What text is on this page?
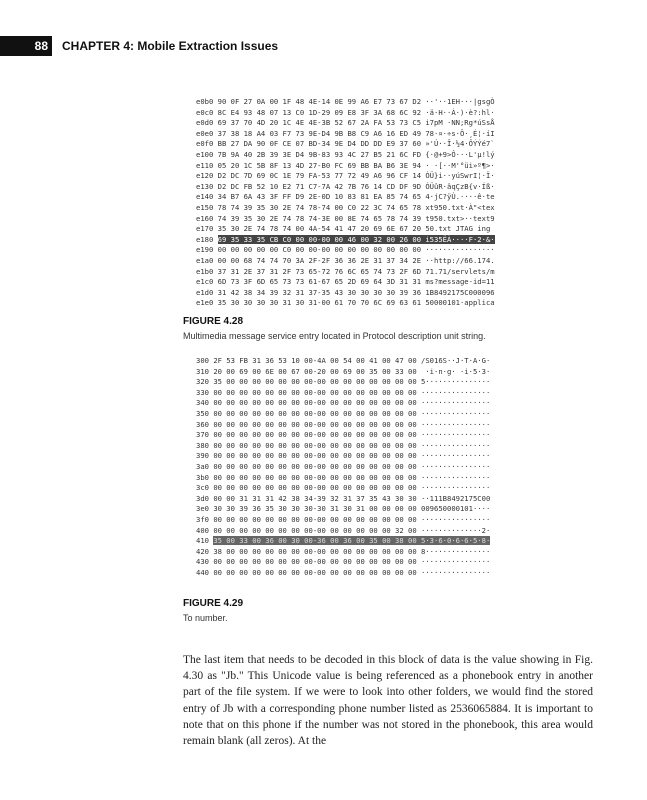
88	CHAPTER 4: Mobile Extraction Issues
e0b0 90 0F 27 0A 00 1F 48 4E-14 0E 99 A6 E7 73 67 D2 ··'··1EH···|gsgÒ
e0c0 8C E4 93 48 07 13 C0 1D-29 09 E8 3F 3A 68 6C 92 ·ä·H··À·)·è?:hl·
e0d0 69 37 70 4D 20 1C 4E 4E-3B 52 67 2A FA 53 73 C5 i7pM ·NN;Rg*úSsÅ
e0e0 37 38 18 A4 03 F7 73 9E-D4 9B B8 C9 A6 16 ED 49 78·¤·÷s·Ô·¸É¦·íI
e0f0 BB 27 DA 90 0F CE 07 BD-34 9E D4 DD DD E9 37 60 »'Ú··Î·½4·ÔÝÝé7`
e100 7B 9A 40 2B 39 3E D4 9B-83 93 4C 27 B5 21 6C FD {·@+9>Ô···L'µ!lý
e110 05 20 1C 5B 8F 13 4D 27-B0 FC 69 BB BA B6 3E 94 · ·[··M'°üi»º¶>·
e120 D2 DC 7D 69 0C 1E 79 FA-53 77 72 49 A6 96 CF 14 ÒÜ}i··yúSwrI¦·Ï·
e130 D2 DC FB 52 10 E2 71 C7-7A 42 7B 76 14 CD DF 9D ÒÜûR·âqÇzB{v·Íß·
e140 34 B7 6A 43 3F FF D9 2E-0D 10 83 81 EA 85 74 65 4·jC?ÿÙ.····ê·te
e150 78 74 39 35 30 2E 74 78-74 00 C0 22 3C 74 65 78 xt950.txt·À"<tex
e160 74 39 35 30 2E 74 78 74-3E 00 8E 74 65 78 74 39 t950.txt>··text9
e170 35 30 2E 74 78 74 00 4A-54 41 47 20 69 6E 67 20 50.txt JTAG ing
e180 69 35 33 35 CB C0 00 00-00 00 46 00 32 00 26 00 i535ËÀ····F·2·&·
e190 00 00 00 00 00 C0 00 00-00 00 00 00 00 00 00 00 ················
e1a0 00 00 68 74 74 70 3A 2F-2F 36 36 2E 31 37 34 2E ··http://66.174.
e1b0 37 31 2E 37 31 2F 73 65-72 76 6C 65 74 73 2F 6D 71.71/servlets/m
e1c0 6D 73 3F 6D 65 73 73 61-67 65 2D 69 64 3D 31 31 ms?message-id=11
e1d0 31 42 38 34 39 32 31 37-35 43 30 30 30 30 39 36 1B8492175C000096
e1e0 35 30 30 30 30 31 30 31-00 61 70 70 6C 69 63 61 50000101·applica
FIGURE 4.28
Multimedia message service entry located in Protocol description unit string.
300 2F 53 FB 31 36 53 10 00-4A 00 54 00 41 00 47 00 /S016S··J·T·A·G·
310 20 00 69 00 6E 00 67 00-20 00 69 00 35 00 33 00  ·i·n·g· ·i·5·3·
320 35 00 00 00 00 00 00 00-00 00 00 00 00 00 00 00 5···············
330 00 00 00 00 00 00 00 00-00 00 00 00 00 00 00 00 ················
340 00 00 00 00 00 00 00 00-00 00 00 00 00 00 00 00 ················
350 00 00 00 00 00 00 00 00-00 00 00 00 00 00 00 00 ················
360 00 00 00 00 00 00 00 00-00 00 00 00 00 00 00 00 ················
370 00 00 00 00 00 00 00 00-00 00 00 00 00 00 00 00 ················
380 00 00 00 00 00 00 00 00-00 00 00 00 00 00 00 00 ················
390 00 00 00 00 00 00 00 00-00 00 00 00 00 00 00 00 ················
3a0 00 00 00 00 00 00 00 00-00 00 00 00 00 00 00 00 ················
3b0 00 00 00 00 00 00 00 00-00 00 00 00 00 00 00 00 ················
3c0 00 00 00 00 00 00 00 00-00 00 00 00 00 00 00 00 ················
3d0 00 00 31 31 31 42 38 34-39 32 31 37 35 43 30 30 ··111B8492175C00
3e0 30 30 39 36 35 30 30 30-30 31 30 31 00 00 00 00 009650000101····
3f0 00 00 00 00 00 00 00 00-00 00 00 00 00 00 00 00 ················
400 00 00 00 00 00 00 00 00-00 00 00 00 00 00 32 00 ··············2·
410 35 00 33 00 36 00 30 00-36 00 36 00 35 00 38 00 5·3·6·0·6·6·5·8·
420 38 00 00 00 00 00 00 00-00 00 00 00 00 00 00 00 8···············
430 00 00 00 00 00 00 00 00-00 00 00 00 00 00 00 00 ················
440 00 00 00 00 00 00 00 00-00 00 00 00 00 00 00 00 ················
FIGURE 4.29
To number.

The last item that needs to be decoded in this block of data is the value showing in Fig. 4.30 as "Jb." This Unicode value is being referenced as a phonebook entry in another part of the file system. If we were to look into other folders, we would find the stored entry of Jb with a corresponding phone number listed as 2536065884. It is important to note that on this phone if the number was not stored in the phonebook, this area would remain blank (all zeros). At the
